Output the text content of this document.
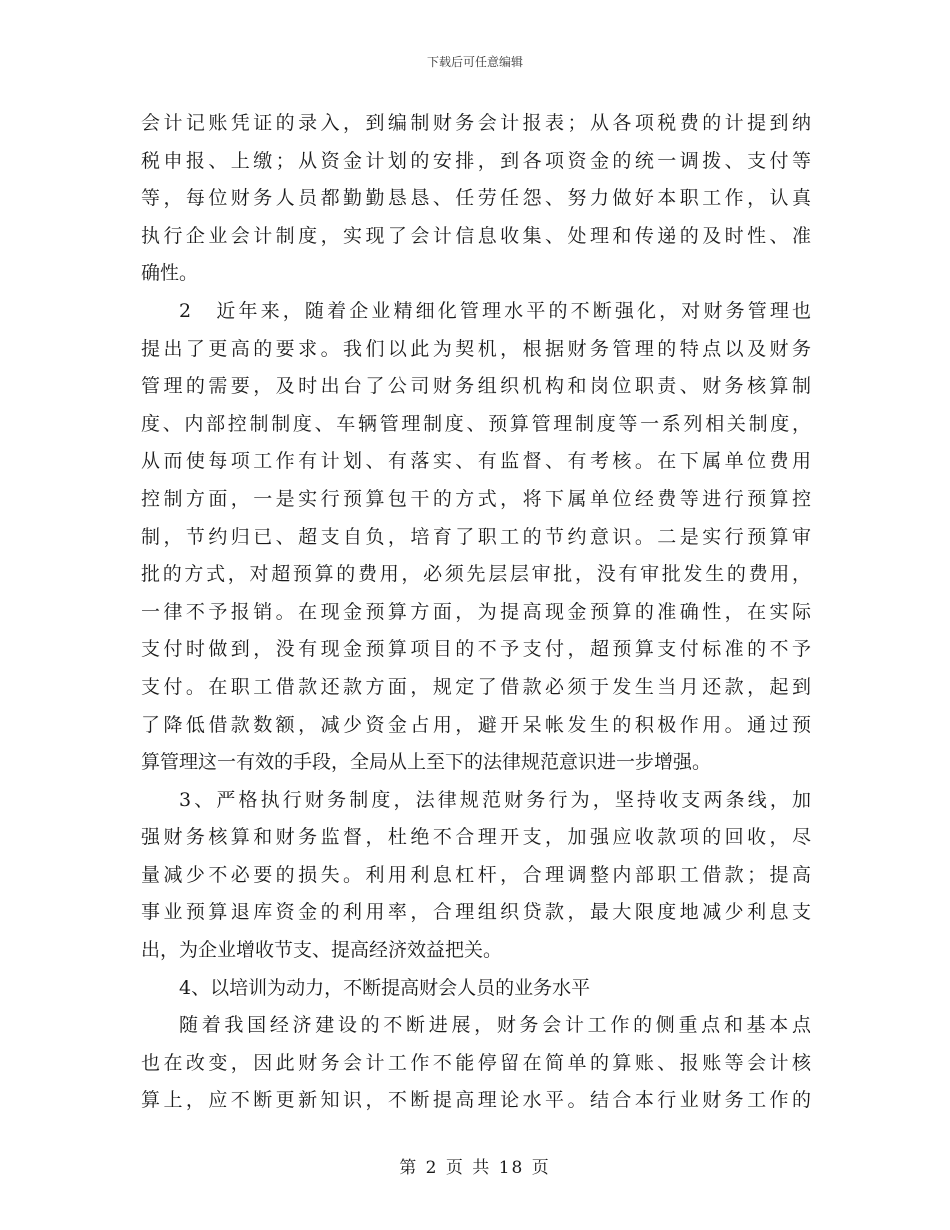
下载后可任意编辑
会计记账凭证的录入，到编制财务会计报表；从各项税费的计提到纳
税申报、上缴；从资金计划的安排，到各项资金的统一调拨、支付等
等，每位财务人员都勤勤恳恳、任劳任怨、努力做好本职工作，认真
执行企业会计制度，实现了会计信息收集、处理和传递的及时性、准
确性。
2　近年来，随着企业精细化管理水平的不断强化，对财务管理也
提出了更高的要求。我们以此为契机，根据财务管理的特点以及财务
管理的需要，及时出台了公司财务组织机构和岗位职责、财务核算制
度、内部控制制度、车辆管理制度、预算管理制度等一系列相关制度，
从而使每项工作有计划、有落实、有监督、有考核。在下属单位费用
控制方面，一是实行预算包干的方式，将下属单位经费等进行预算控
制，节约归已、超支自负，培育了职工的节约意识。二是实行预算审
批的方式，对超预算的费用，必须先层层审批，没有审批发生的费用，
一律不予报销。在现金预算方面，为提高现金预算的准确性，在实际
支付时做到，没有现金预算项目的不予支付，超预算支付标准的不予
支付。在职工借款还款方面，规定了借款必须于发生当月还款，起到
了降低借款数额，减少资金占用，避开呆帐发生的积极作用。通过预
算管理这一有效的手段，全局从上至下的法律规范意识进一步增强。
3、严格执行财务制度，法律规范财务行为，坚持收支两条线，加
强财务核算和财务监督，杜绝不合理开支，加强应收款项的回收，尽
量减少不必要的损失。利用利息杠杆，合理调整内部职工借款；提高
事业预算退库资金的利用率，合理组织贷款，最大限度地减少利息支
出，为企业增收节支、提高经济效益把关。
4、以培训为动力，不断提高财会人员的业务水平
随着我国经济建设的不断进展，财务会计工作的侧重点和基本点
也在改变，因此财务会计工作不能停留在简单的算账、报账等会计核
算上，应不断更新知识，不断提高理论水平。结合本行业财务工作的
第 2 页 共 18 页
